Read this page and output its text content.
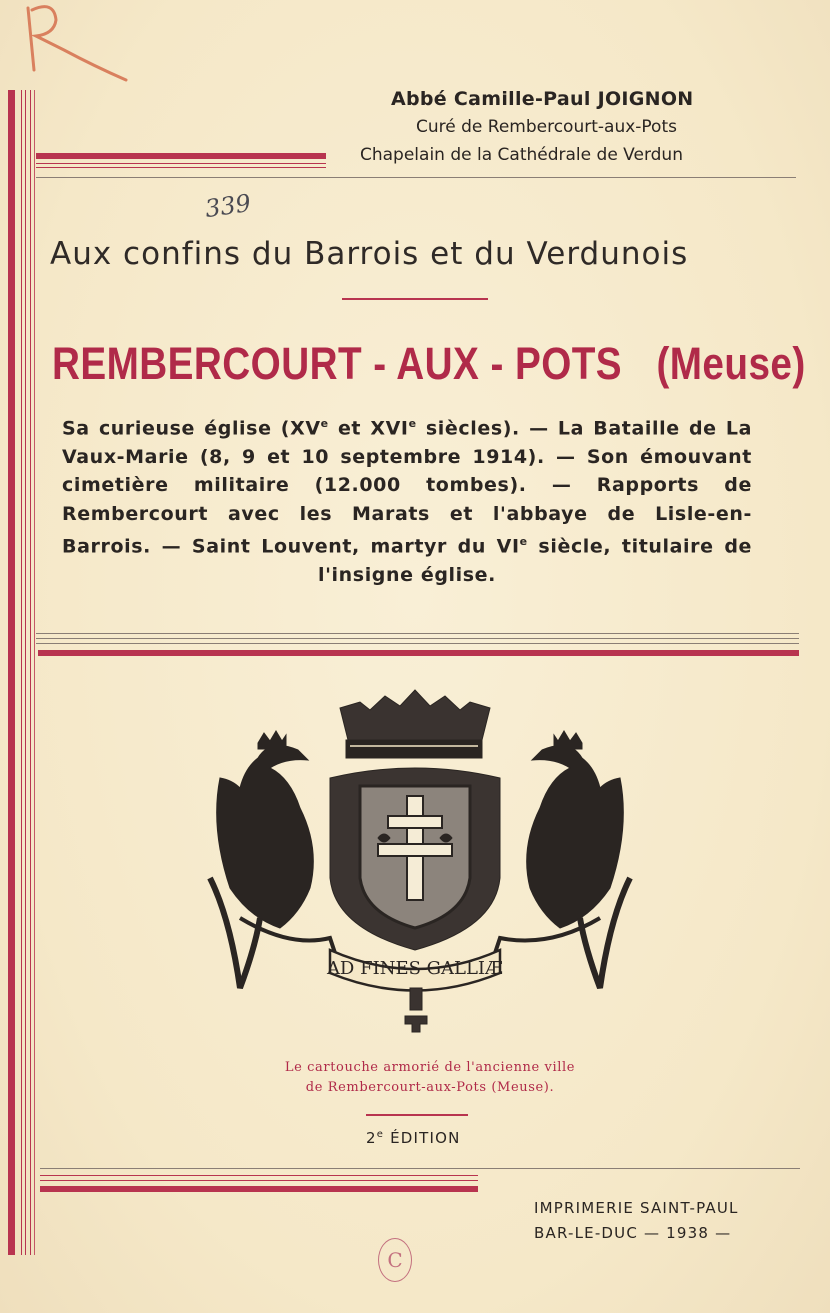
Abbé Camille-Paul JOIGNON
Curé de Rembercourt-aux-Pots
Chapelain de la Cathédrale de Verdun
339
Aux confins du Barrois et du Verdunois
REMBERCOURT - AUX - POTS (Meuse)
Sa curieuse église (XVe et XVIe siècles). — La Bataille de La Vaux-Marie (8, 9 et 10 septembre 1914). — Son émouvant cimetière militaire (12.000 tombes). — Rapports de Rembercourt avec les Marats et l'abbaye de Lisle-en-Barrois. — Saint Louvent, martyr du VIe siècle, titulaire de l'insigne église.
AD FINES GALLIÆ
Le cartouche armorié de l'ancienne ville
de Rembercourt-aux-Pots (Meuse).
2e ÉDITION
IMPRIMERIE SAINT-PAUL
BAR-LE-DUC — 1938 —
C
